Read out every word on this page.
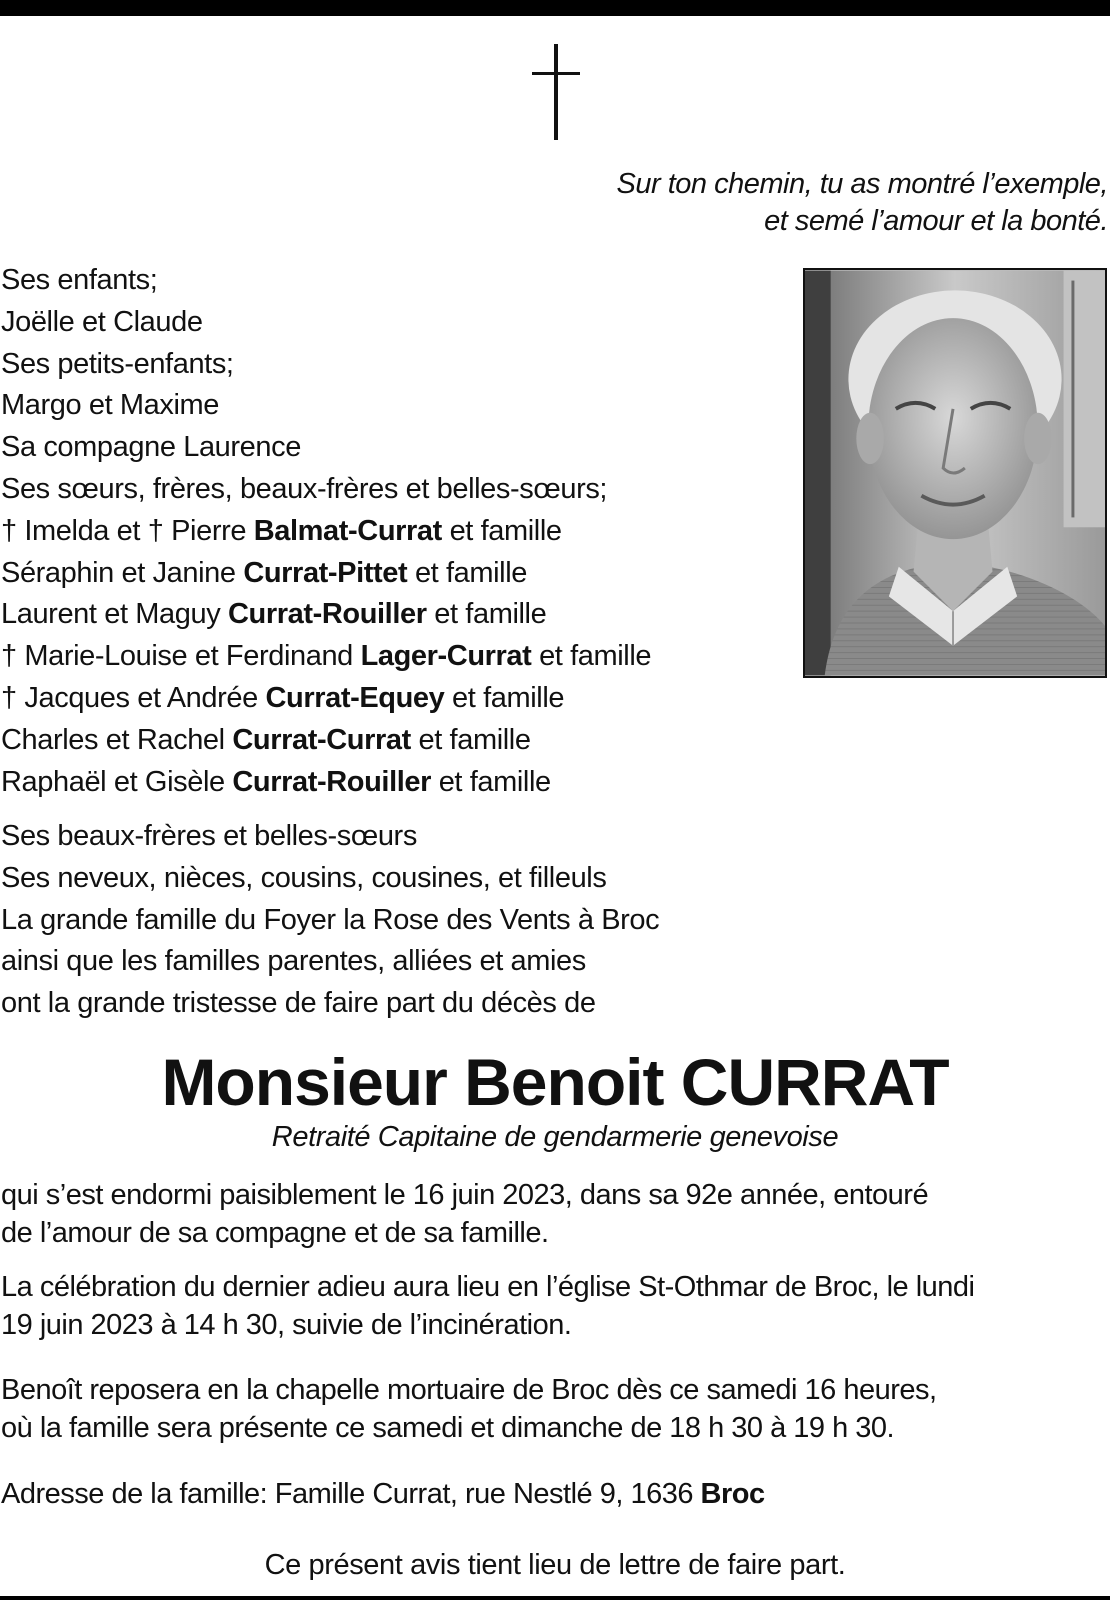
Sur ton chemin, tu as montré l’exemple,
et semé l’amour et la bonté.
Ses enfants;
Joëlle et Claude
Ses petits-enfants;
Margo et Maxime
Sa compagne Laurence
Ses sœurs, frères, beaux-frères et belles-sœurs;
† Imelda et † Pierre Balmat-Currat et famille
Séraphin et Janine Currat-Pittet et famille
Laurent et Maguy Currat-Rouiller et famille
† Marie-Louise et Ferdinand Lager-Currat et famille
† Jacques et Andrée Currat-Equey et famille
Charles et Rachel Currat-Currat et famille
Raphaël et Gisèle Currat-Rouiller et famille
Ses beaux-frères et belles-sœurs
Ses neveux, nièces, cousins, cousines, et filleuls
La grande famille du Foyer la Rose des Vents à Broc
ainsi que les familles parentes, alliées et amies
ont la grande tristesse de faire part du décès de
Monsieur Benoit CURRAT
Retraité Capitaine de gendarmerie genevoise
qui s’est endormi paisiblement le 16 juin 2023, dans sa 92e année, entouré
de l’amour de sa compagne et de sa famille.
La célébration du dernier adieu aura lieu en l’église St-Othmar de Broc, le lundi
19 juin 2023 à 14 h 30, suivie de l’incinération.
Benoît reposera en la chapelle mortuaire de Broc dès ce samedi 16 heures,
où la famille sera présente ce samedi et dimanche de 18 h 30 à 19 h 30.
Adresse de la famille: Famille Currat, rue Nestlé 9, 1636 Broc
Ce présent avis tient lieu de lettre de faire part.
